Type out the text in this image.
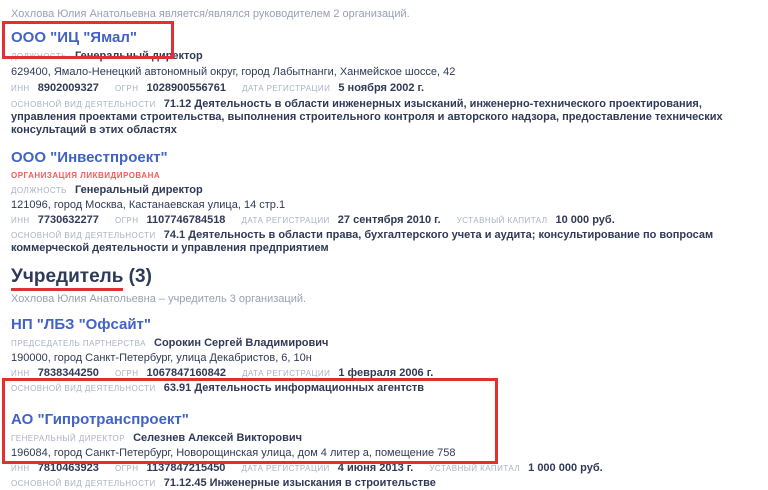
Хохлова Юлия Анатольевна является/являлся руководителем 2 организаций.
ООО "ИЦ "Ямал"
ДОЛЖНОСТЬ Генеральный директор
629400, Ямало-Ненецкий автономный округ, город Лабытнанги, Ханмейское шоссе, 42
ИНН 8902009327 ОГРН 1028900556761 ДАТА РЕГИСТРАЦИИ 5 ноября 2002 г.
ОСНОВНОЙ ВИД ДЕЯТЕЛЬНОСТИ 71.12 Деятельность в области инженерных изысканий, инженерно-технического проектирования, управления проектами строительства, выполнения строительного контроля и авторского надзора, предоставление технических консультаций в этих областях
ООО "Инвестпроект"
ОРГАНИЗАЦИЯ ЛИКВИДИРОВАНА
ДОЛЖНОСТЬ Генеральный директор
121096, город Москва, Кастанаевская улица, 14 стр.1
ИНН 7730632277 ОГРН 1107746784518 ДАТА РЕГИСТРАЦИИ 27 сентября 2010 г. УСТАВНЫЙ КАПИТАЛ 10 000 руб.
ОСНОВНОЙ ВИД ДЕЯТЕЛЬНОСТИ 74.1 Деятельность в области права, бухгалтерского учета и аудита; консультирование по вопросам коммерческой деятельности и управления предприятием
Учредитель (3)
Хохлова Юлия Анатольевна – учредитель 3 организаций.
НП "ЛБЗ "Офсайт"
ПРЕДСЕДАТЕЛЬ ПАРТНЕРСТВА Сорокин Сергей Владимирович
190000, город Санкт-Петербург, улица Декабристов, 6, 10н
ИНН 7838344250 ОГРН 1067847160842 ДАТА РЕГИСТРАЦИИ 1 февраля 2006 г.
ОСНОВНОЙ ВИД ДЕЯТЕЛЬНОСТИ 63.91 Деятельность информационных агентств
АО "Гипротранспроект"
ГЕНЕРАЛЬНЫЙ ДИРЕКТОР Селезнев Алексей Викторович
196084, город Санкт-Петербург, Новорощинская улица, дом 4 литер а, помещение 758
ИНН 7810463923 ОГРН 1137847215450 ДАТА РЕГИСТРАЦИИ 4 июня 2013 г. УСТАВНЫЙ КАПИТАЛ 1 000 000 руб.
ОСНОВНОЙ ВИД ДЕЯТЕЛЬНОСТИ 71.12.45 Инженерные изыскания в строительстве
